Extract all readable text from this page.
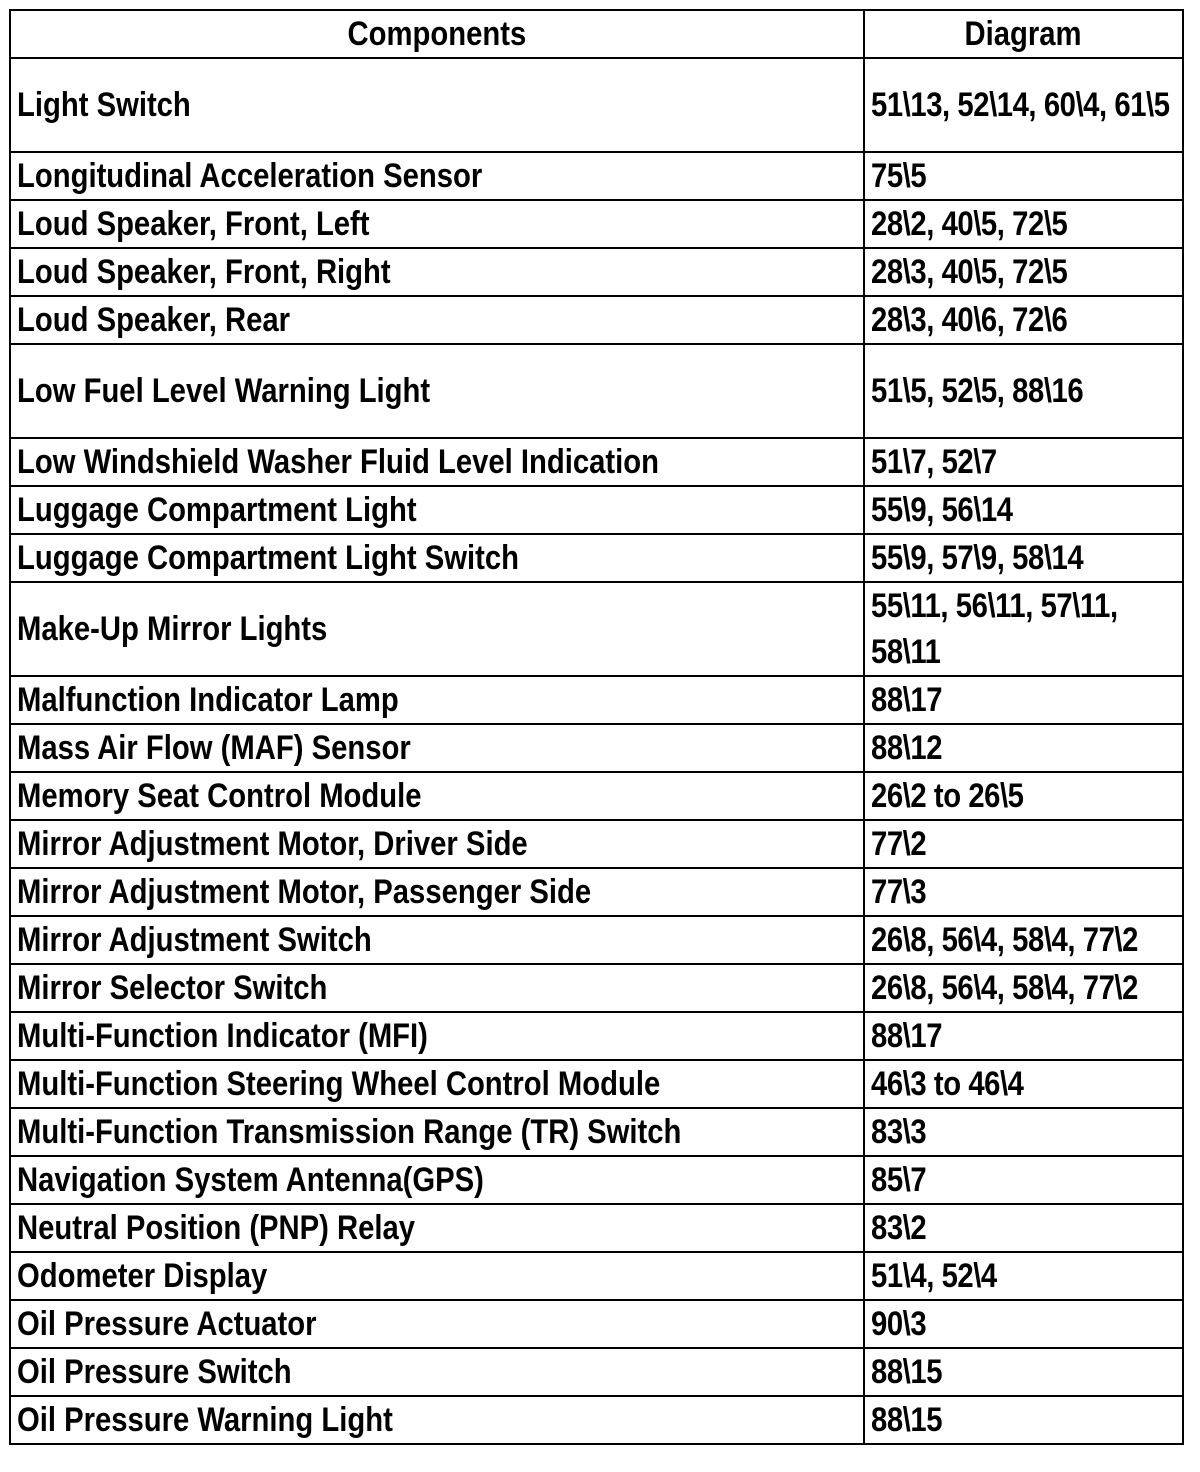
Components	Diagram
Light Switch	51\13, 52\14, 60\4, 61\5

Longitudinal Acceleration Sensor	75\5

Loud Speaker, Front, Left	28\2, 40\5, 72\5

Loud Speaker, Front, Right	28\3, 40\5, 72\5

Loud Speaker, Rear	28\3, 40\6, 72\6

Low Fuel Level Warning Light	51\5, 52\5, 88\16

Low Windshield Washer Fluid Level Indication	51\7, 52\7

Luggage Compartment Light	55\9, 56\14

Luggage Compartment Light Switch	55\9, 57\9, 58\14

Make-Up Mirror Lights	55\11, 56\11, 57\11, 58\11

Malfunction Indicator Lamp	88\17

Mass Air Flow (MAF) Sensor	88\12

Memory Seat Control Module	26\2 to 26\5

Mirror Adjustment Motor, Driver Side	77\2

Mirror Adjustment Motor, Passenger Side	77\3

Mirror Adjustment Switch	26\8, 56\4, 58\4, 77\2

Mirror Selector Switch	26\8, 56\4, 58\4, 77\2

Multi-Function Indicator (MFI)	88\17

Multi-Function Steering Wheel Control Module	46\3 to 46\4

Multi-Function Transmission Range (TR) Switch	83\3

Navigation System Antenna(GPS)	85\7

Neutral Position (PNP) Relay	83\2

Odometer Display	51\4, 52\4

Oil Pressure Actuator	90\3

Oil Pressure Switch	88\15

Oil Pressure Warning Light	88\15
